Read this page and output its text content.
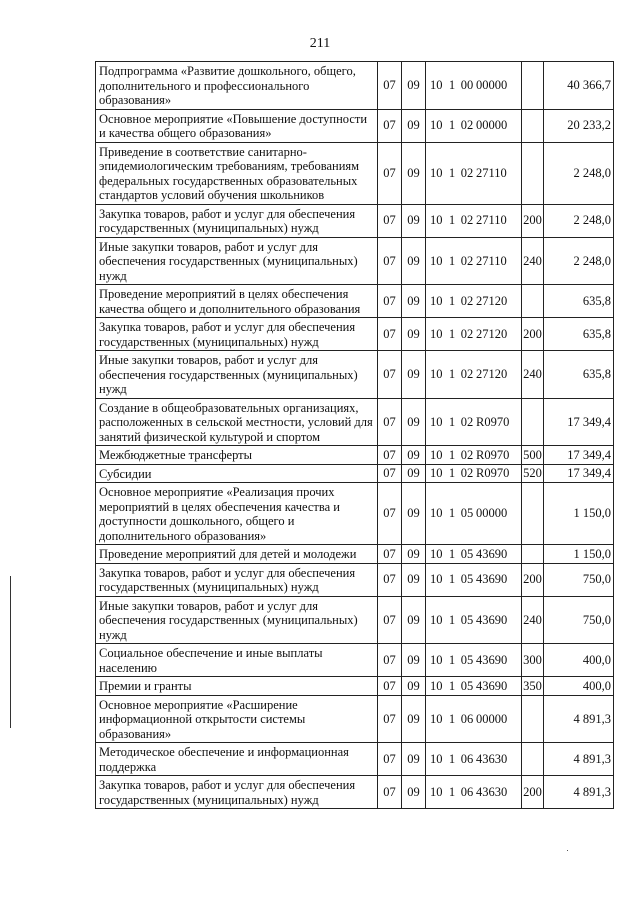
211
Подпрограмма «Развитие дошкольного, общего, дополнительного и профессионального образования»	07	09	10 1 00 00000		40 366,7
Основное мероприятие «Повышение доступности и качества общего образования»	07	09	10 1 02 00000		20 233,2
Приведение в соответствие санитарно-эпидемиологическим требованиям, требованиям федеральных государственных образовательных стандартов условий обучения школьников	07	09	10 1 02 27110		2 248,0
Закупка товаров, работ и услуг для обеспечения государственных (муниципальных) нужд	07	09	10 1 02 27110	200	2 248,0
Иные закупки товаров, работ и услуг для обеспечения государственных (муниципальных) нужд	07	09	10 1 02 27110	240	2 248,0
Проведение мероприятий в целях обеспечения качества общего и дополнительного образования	07	09	10 1 02 27120		635,8
Закупка товаров, работ и услуг для обеспечения государственных (муниципальных) нужд	07	09	10 1 02 27120	200	635,8
Иные закупки товаров, работ и услуг для обеспечения государственных (муниципальных) нужд	07	09	10 1 02 27120	240	635,8
Создание в общеобразовательных организациях, расположенных в сельской местности, условий для занятий физической культурой и спортом	07	09	10 1 02 R0970		17 349,4
Межбюджетные трансферты	07	09	10 1 02 R0970	500	17 349,4
Субсидии	07	09	10 1 02 R0970	520	17 349,4
Основное мероприятие «Реализация прочих мероприятий в целях обеспечения качества и доступности дошкольного, общего и дополнительного образования»	07	09	10 1 05 00000		1 150,0
Проведение мероприятий для детей и молодежи	07	09	10 1 05 43690		1 150,0
Закупка товаров, работ и услуг для обеспечения государственных (муниципальных) нужд	07	09	10 1 05 43690	200	750,0
Иные закупки товаров, работ и услуг для обеспечения государственных (муниципальных) нужд	07	09	10 1 05 43690	240	750,0
Социальное обеспечение и иные выплаты населению	07	09	10 1 05 43690	300	400,0
Премии и гранты	07	09	10 1 05 43690	350	400,0
Основное мероприятие «Расширение информационной открытости системы образования»	07	09	10 1 06 00000		4 891,3
Методическое обеспечение и информационная поддержка	07	09	10 1 06 43630		4 891,3
Закупка товаров, работ и услуг для обеспечения государственных (муниципальных) нужд	07	09	10 1 06 43630	200	4 891,3
